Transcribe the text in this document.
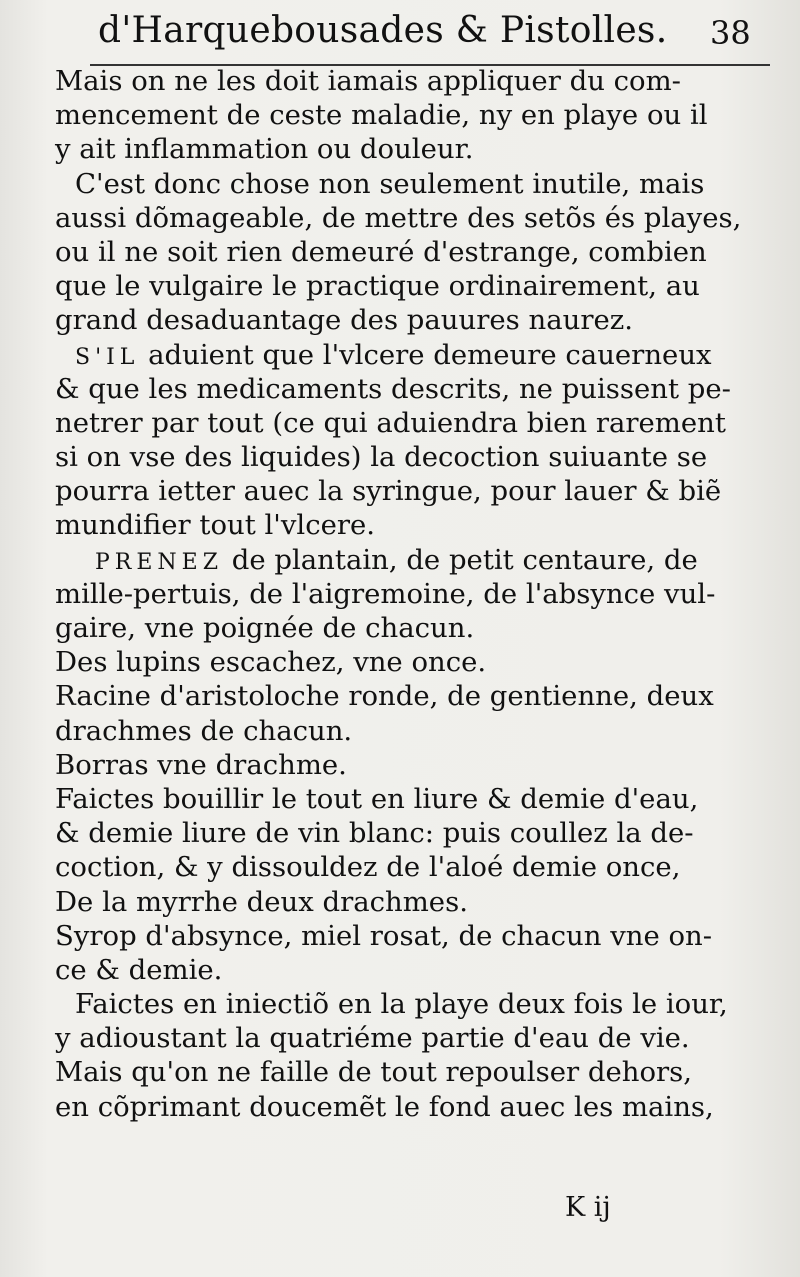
d'Harquebousades & Pistolles. 38
Mais on ne les doit iamais appliquer du com-
mencement de ceste maladie, ny en playe ou il
y ait inflammation ou douleur.
C'est donc chose non seulement inutile, mais
aussi dõmageable, de mettre des setõs és playes,
ou il ne soit rien demeuré d'estrange, combien
que le vulgaire le practique ordinairement, au
grand desaduantage des pauures naurez.
S'IL aduient que l'vlcere demeure cauerneux
& que les medicaments descrits, ne puissent pe-
netrer par tout (ce qui aduiendra bien rarement
si on vse des liquides) la decoction suiuante se
pourra ietter auec la syringue, pour lauer & biẽ
mundifier tout l'vlcere.
PRENEZ de plantain, de petit centaure, de
mille-pertuis, de l'aigremoine, de l'absynce vul-
gaire, vne poignée de chacun.
Des lupins escachez, vne once.
Racine d'aristoloche ronde, de gentienne, deux
drachmes de chacun.
Borras vne drachme.
Faictes bouillir le tout en liure & demie d'eau,
& demie liure de vin blanc: puis coullez la de-
coction, & y dissouldez de l'aloé demie once,
De la myrrhe deux drachmes.
Syrop d'absynce, miel rosat, de chacun vne on-
ce & demie.
Faictes en iniectiõ en la playe deux fois le iour,
y adioustant la quatriéme partie d'eau de vie.
Mais qu'on ne faille de tout repoulser dehors,
en cõprimant doucemẽt le fond auec les mains,
K ij
